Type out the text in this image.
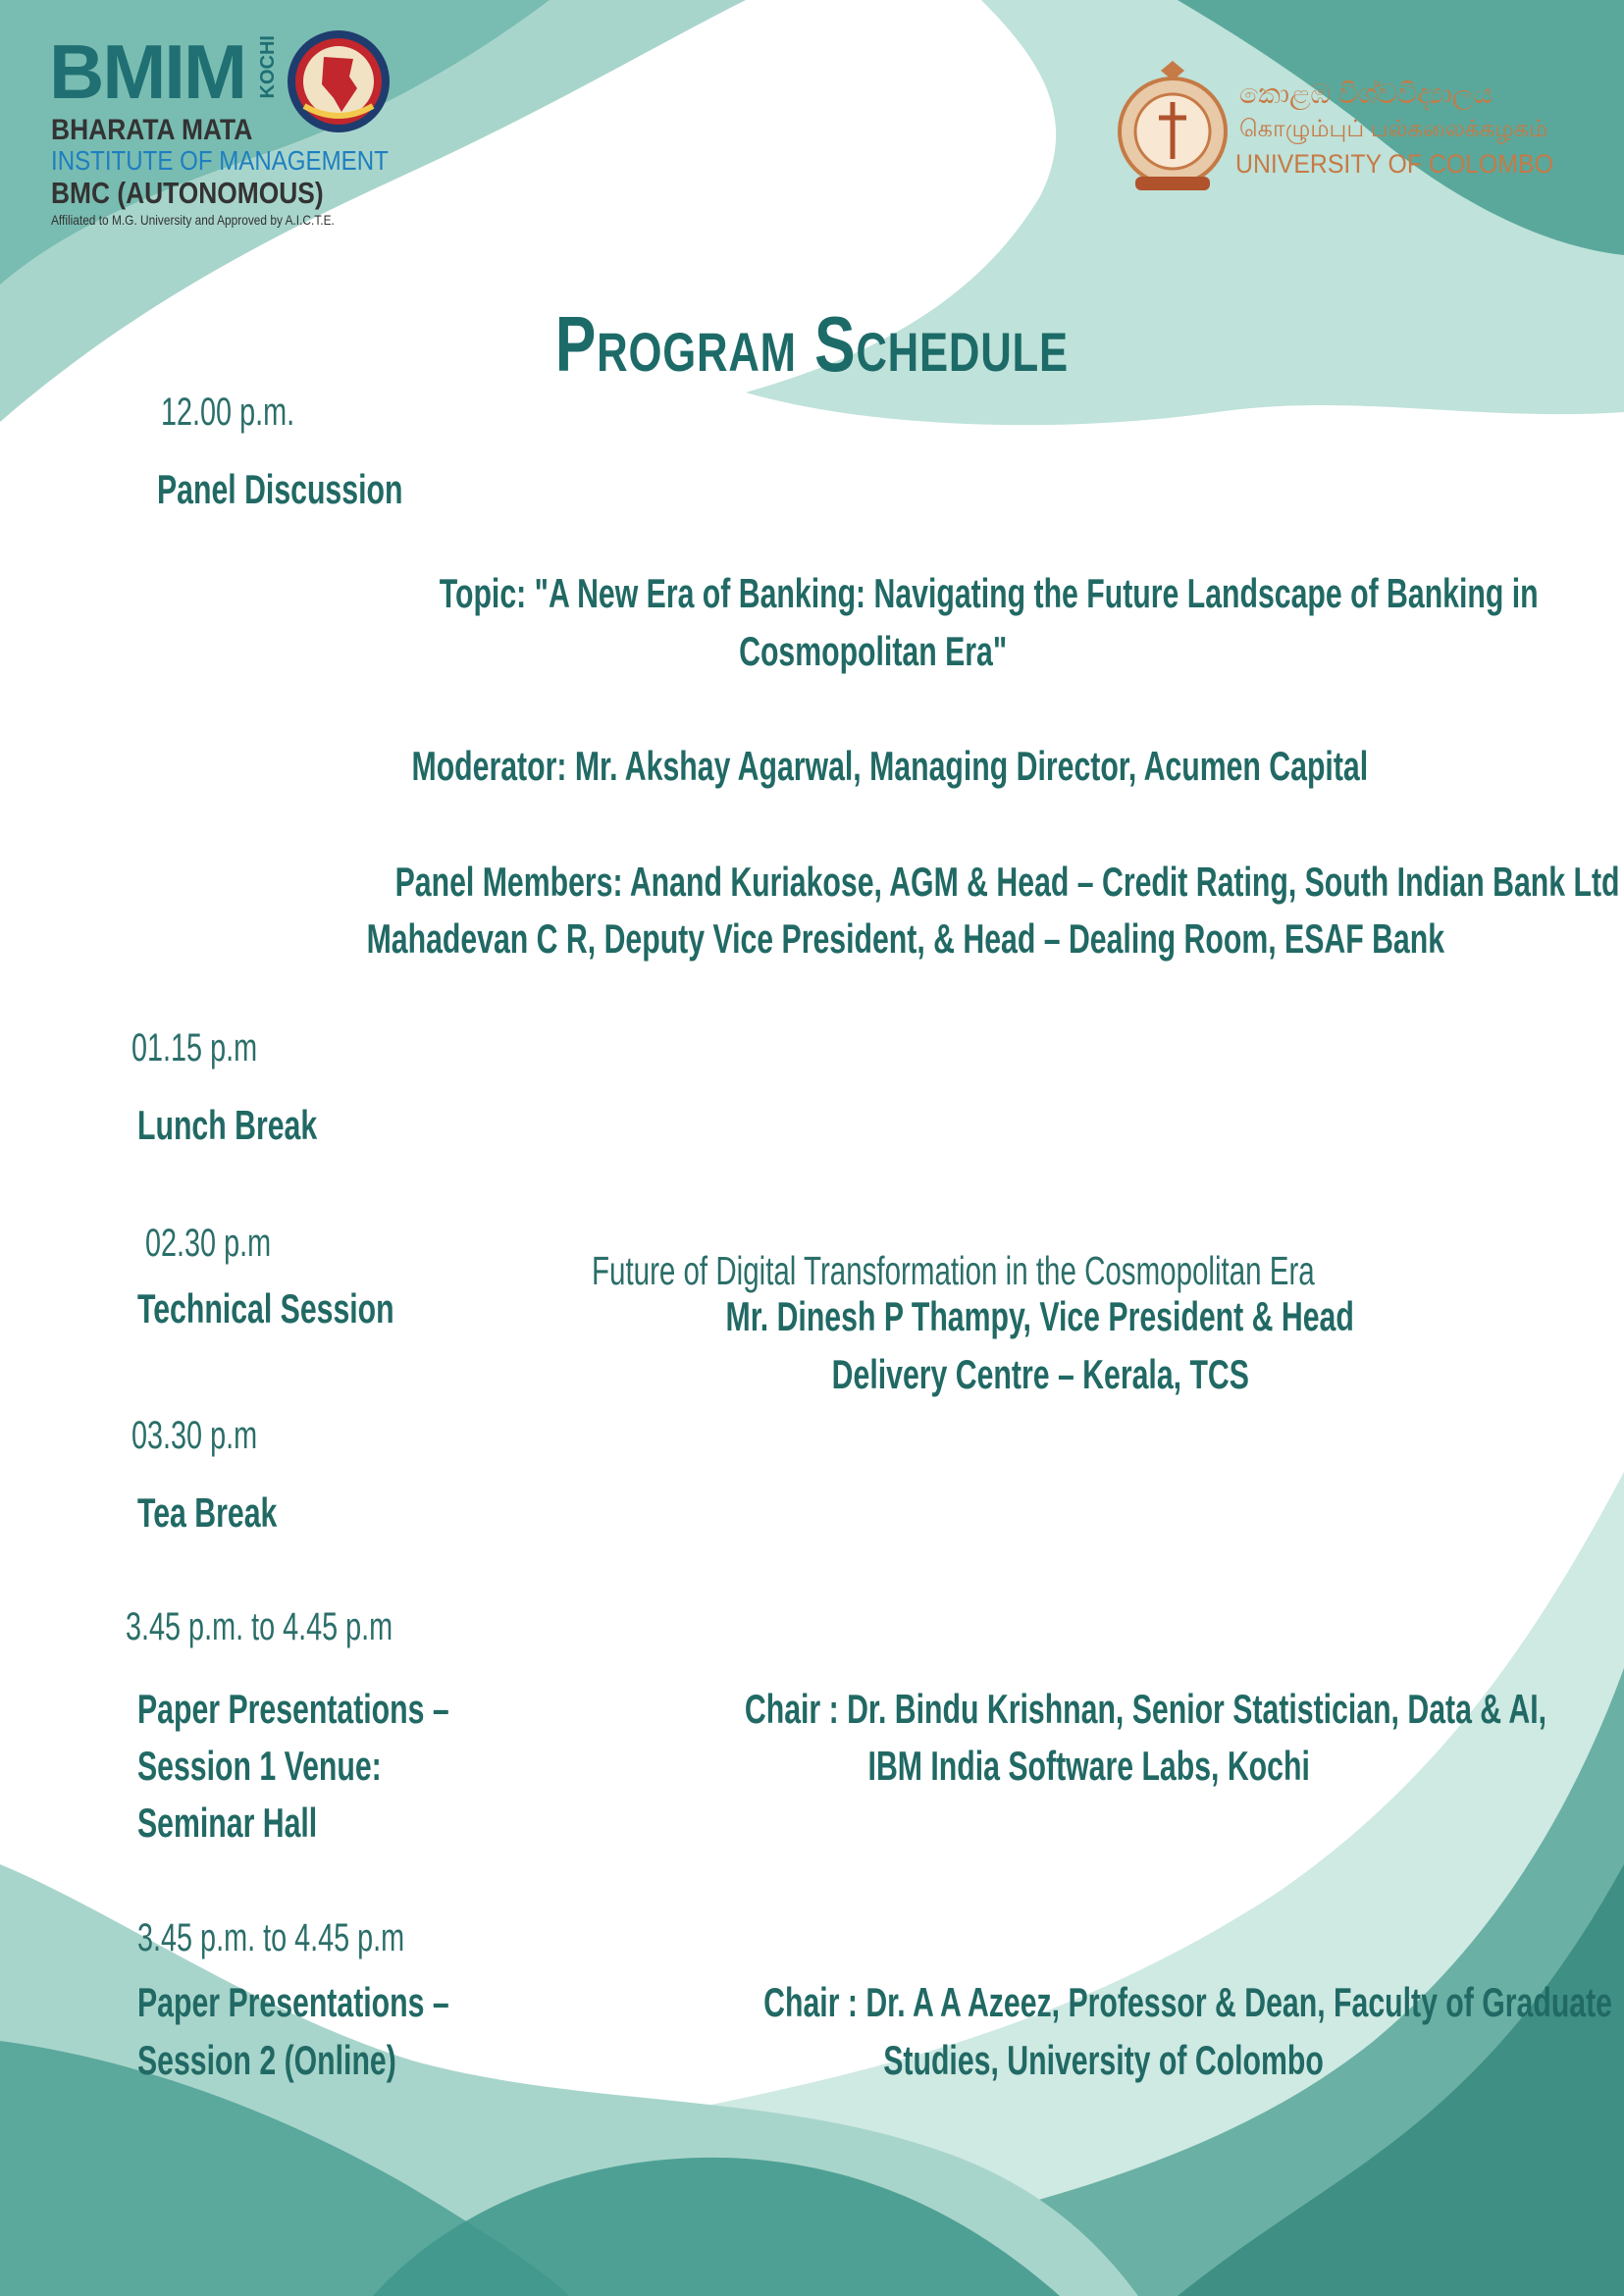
BMIM KOCHI
BHARATA MATA
INSTITUTE OF MANAGEMENT
BMC (AUTONOMOUS)
Affiliated to M.G. University and Approved by A.I.C.T.E.
කොළඹ විශ්වවිද්‍යාලය
கொழும்புப் பல்கலைக்கழகம்
UNIVERSITY OF COLOMBO
Program Schedule
12.00 p.m.
Panel Discussion
Topic: "A New Era of Banking: Navigating the Future Landscape of Banking in
Cosmopolitan Era"
Moderator: Mr. Akshay Agarwal, Managing Director, Acumen Capital
Panel Members: Anand Kuriakose, AGM & Head – Credit Rating, South Indian Bank Ltd
Mahadevan C R, Deputy Vice President, & Head – Dealing Room, ESAF Bank
01.15 p.m
Lunch Break
02.30 p.m
Technical Session
Future of Digital Transformation in the Cosmopolitan Era
Mr. Dinesh P Thampy, Vice President & Head
Delivery Centre – Kerala, TCS
03.30 p.m
Tea Break
3.45 p.m. to 4.45 p.m
Paper Presentations –
Session 1 Venue:
Seminar Hall
Chair : Dr. Bindu Krishnan, Senior Statistician, Data & AI,
IBM India Software Labs, Kochi
3.45 p.m. to 4.45 p.m
Paper Presentations –
Session 2 (Online)
Chair : Dr. A A Azeez, Professor & Dean, Faculty of Graduate
Studies, University of Colombo
